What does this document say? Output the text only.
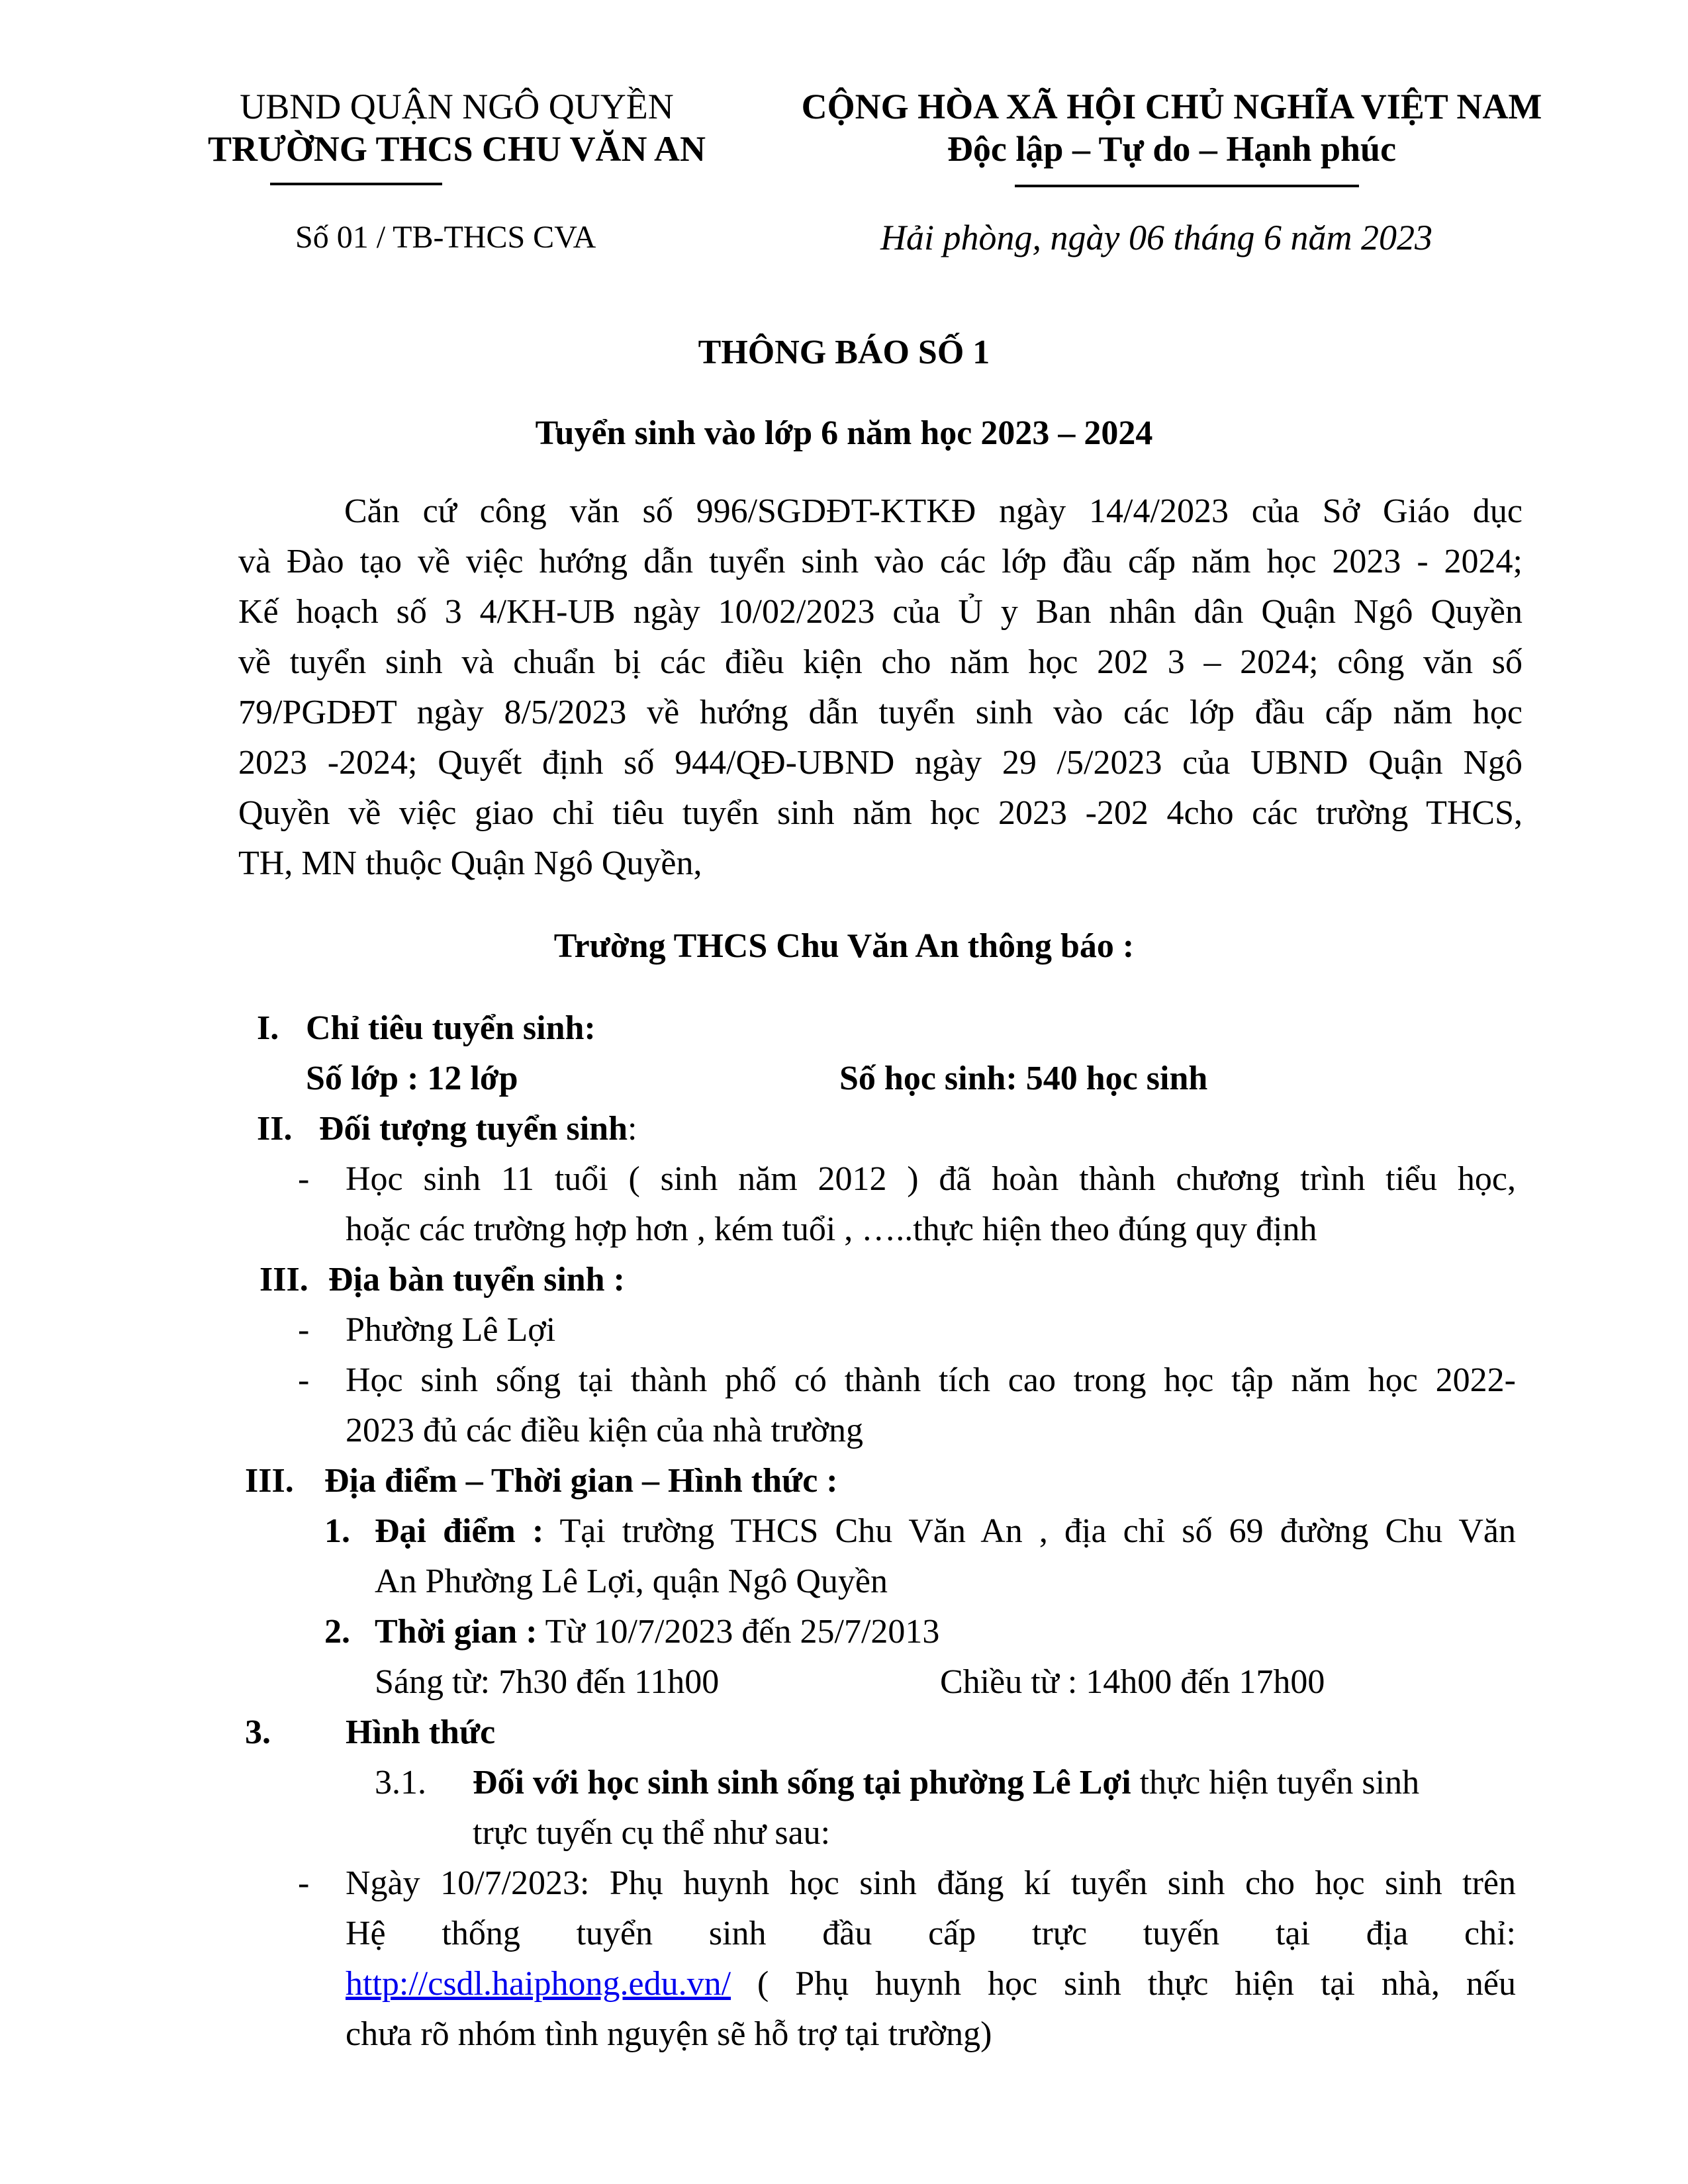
UBND QUẬN NGÔ QUYỀN
TRƯỜNG THCS CHU VĂN AN
CỘNG HÒA XÃ HỘI CHỦ NGHĨA VIỆT NAM
Độc lập – Tự do – Hạnh phúc
Số 01 / TB-THCS CVA	Hải phòng, ngày 06 tháng 6 năm 2023
THÔNG BÁO SỐ 1
Tuyển sinh vào lớp 6 năm học 2023 – 2024
Căn cứ công văn số 996/SGDĐT-KTKĐ ngày 14/4/2023 của Sở Giáo dục
và Đào tạo về việc hướng dẫn tuyển sinh vào các lớp đầu cấp năm học 2023 - 2024;
Kế hoạch số 3 4/KH-UB ngày 10/02/2023 của Ủ y Ban nhân dân Quận Ngô Quyền
về tuyển sinh và chuẩn bị các điều kiện cho năm học 202 3 – 2024; công văn số
79/PGDĐT ngày 8/5/2023 về hướng dẫn tuyển sinh vào các lớp đầu cấp năm học
2023 -2024; Quyết định số 944/QĐ-UBND ngày 29 /5/2023 của UBND Quận Ngô
Quyền về việc giao chỉ tiêu tuyển sinh năm học 2023 -202 4cho các trường THCS,
TH, MN thuộc Quận Ngô Quyền,
Trường THCS Chu Văn An thông báo :
I. Chỉ tiêu tuyển sinh:
Số lớp : 12 lớp	Số học sinh: 540 học sinh
II. Đối tượng tuyển sinh:
- Học sinh 11 tuổi ( sinh năm 2012 ) đã hoàn thành chương trình tiểu học,
hoặc các trường hợp hơn , kém tuổi , …..thực hiện theo đúng quy định
III. Địa bàn tuyển sinh :
- Phường Lê Lợi
- Học sinh sống tại thành phố có thành tích cao trong học tập năm học 2022-
2023 đủ các điều kiện của nhà trường
III. Địa điểm – Thời gian – Hình thức :
1. Đại điểm : Tại trường THCS Chu Văn An , địa chỉ số 69 đường Chu Văn
An Phường Lê Lợi, quận Ngô Quyền
2. Thời gian : Từ 10/7/2023 đến 25/7/2013
Sáng từ: 7h30 đến 11h00	Chiều từ : 14h00 đến 17h00
3. Hình thức
3.1. Đối với học sinh sinh sống tại phường Lê Lợi thực hiện tuyển sinh
trực tuyến cụ thể như sau:
- Ngày 10/7/2023: Phụ huynh học sinh đăng kí tuyển sinh cho học sinh trên
Hệ thống tuyển sinh đầu cấp trực tuyến tại địa chỉ:
http://csdl.haiphong.edu.vn/ ( Phụ huynh học sinh thực hiện tại nhà, nếu
chưa rõ nhóm tình nguyện sẽ hỗ trợ tại trường)
